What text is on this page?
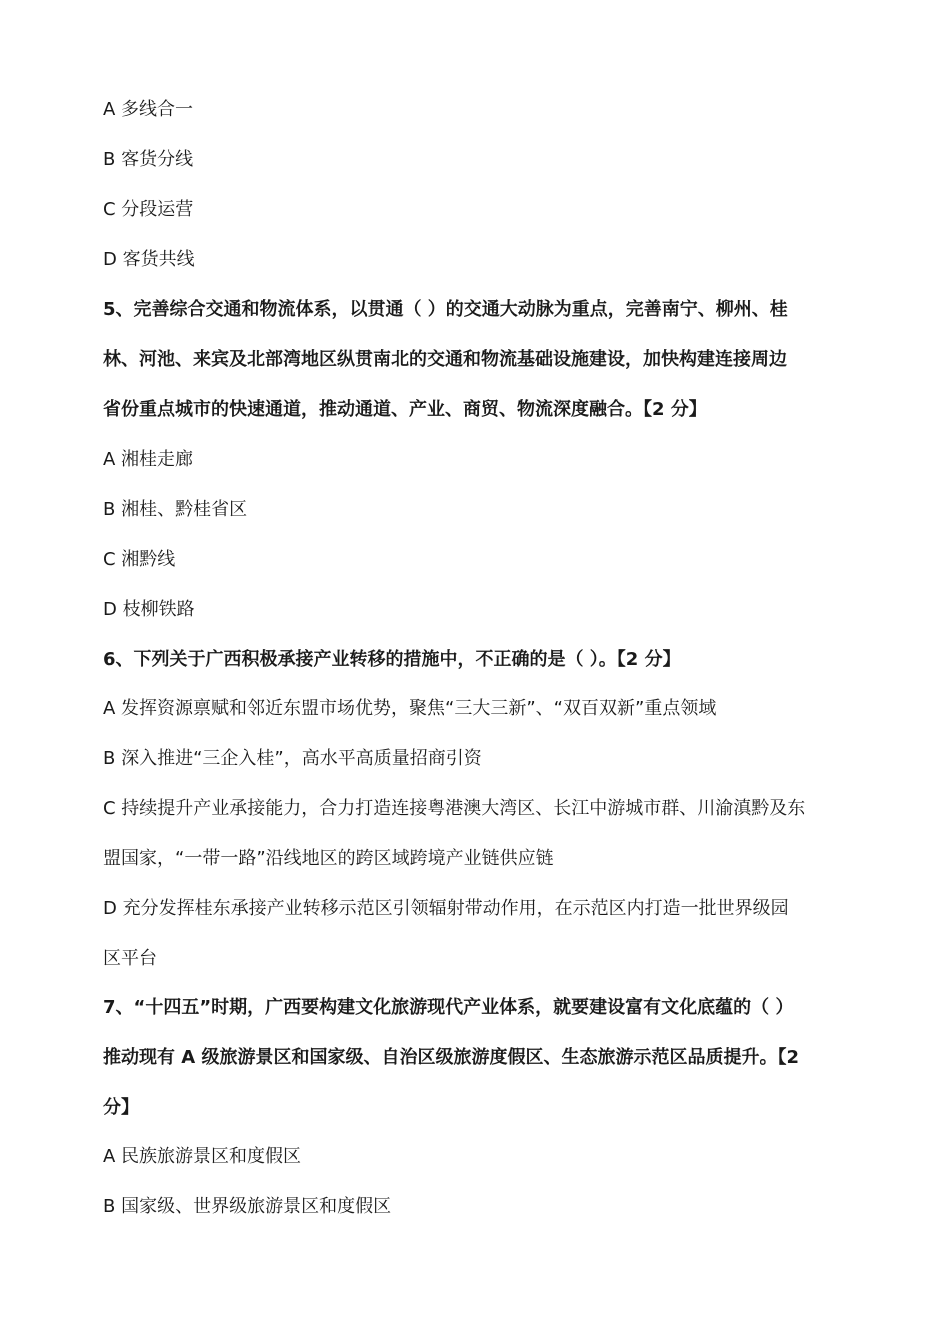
A 多线合一
B 客货分线
C 分段运营
D 客货共线
5、完善综合交通和物流体系，以贯通（ ）的交通大动脉为重点，完善南宁、柳州、桂
林、河池、来宾及北部湾地区纵贯南北的交通和物流基础设施建设，加快构建连接周边
省份重点城市的快速通道，推动通道、产业、商贸、物流深度融合。【2 分】
A 湘桂走廊
B 湘桂、黔桂省区
C 湘黔线
D 枝柳铁路
6、下列关于广西积极承接产业转移的措施中，不正确的是（ ）。【2 分】
A 发挥资源禀赋和邻近东盟市场优势，聚焦“三大三新”、“双百双新”重点领域
B 深入推进“三企入桂”，高水平高质量招商引资
C 持续提升产业承接能力，合力打造连接粤港澳大湾区、长江中游城市群、川渝滇黔及东
盟国家，“一带一路”沿线地区的跨区域跨境产业链供应链
D 充分发挥桂东承接产业转移示范区引领辐射带动作用，在示范区内打造一批世界级园
区平台
7、“十四五”时期，广西要构建文化旅游现代产业体系，就要建设富有文化底蕴的（ ）
推动现有 A 级旅游景区和国家级、自治区级旅游度假区、生态旅游示范区品质提升。【2
分】
A 民族旅游景区和度假区
B 国家级、世界级旅游景区和度假区
